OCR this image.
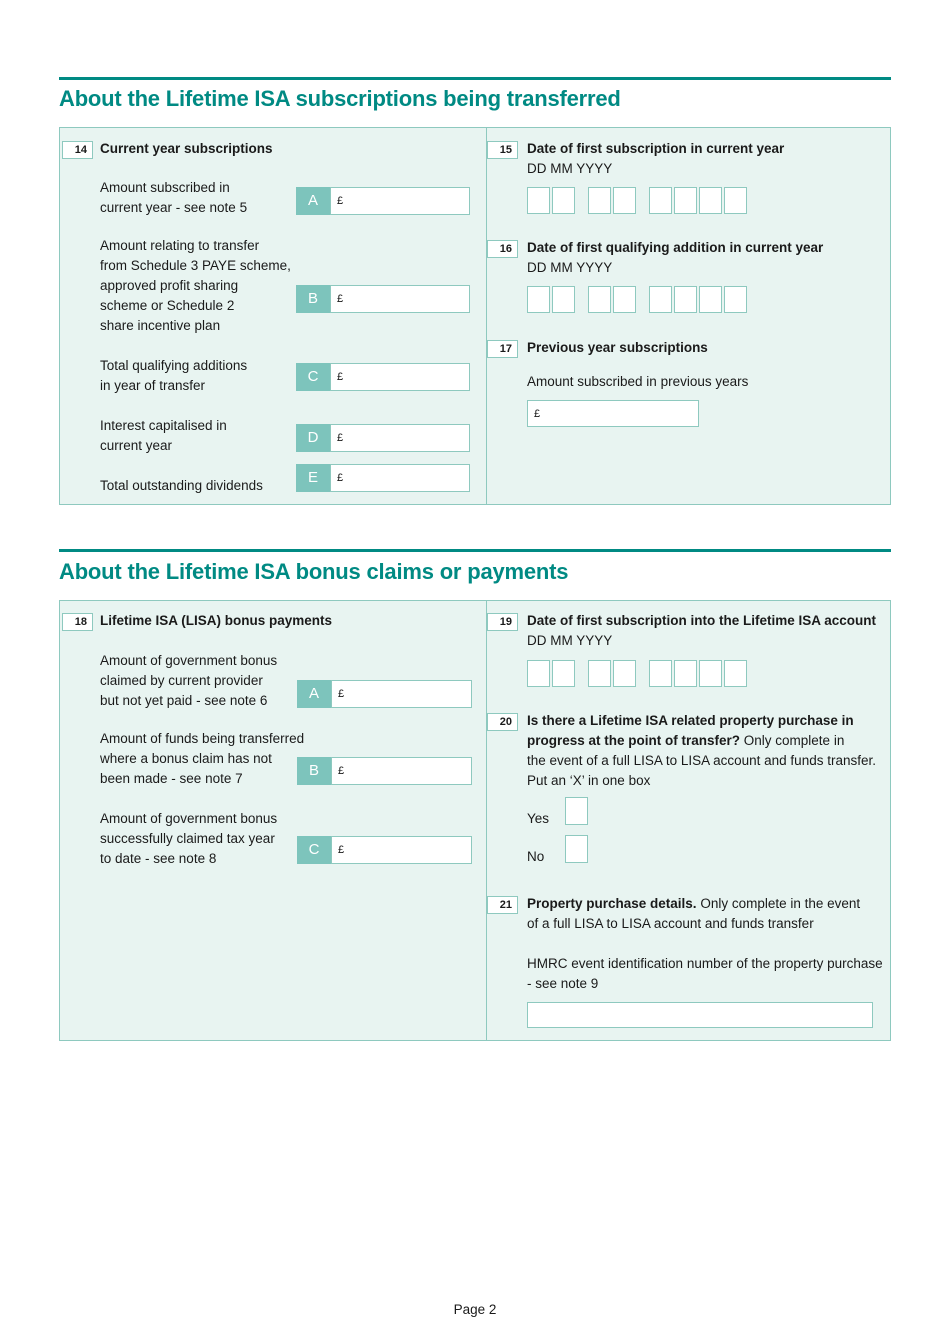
About the Lifetime ISA subscriptions being transferred
14 Current year subscriptions
Amount subscribed in
current year - see note 5	A	£
Amount relating to transfer
from Schedule 3 PAYE scheme,
approved profit sharing
scheme or Schedule 2
share incentive plan
B	£
Total qualifying additions
in year of transfer
C	£
Interest capitalised in
current year	D	£
Total outstanding dividends	E	£
15	Date of first subscription in current year
DD MM YYYY
16	Date of first qualifying addition in current year
DD MM YYYY
17	Previous year subscriptions
Amount subscribed in previous years
£
About the Lifetime ISA bonus claims or payments
18 Lifetime ISA (LISA) bonus payments
Amount of government bonus
claimed by current provider
but not yet paid - see note 6	A	£
Amount of funds being transferred
where a bonus claim has not
been made - see note 7	B	£
Amount of government bonus
successfully claimed tax year
to date - see note 8
C	£
19	Date of first subscription into the Lifetime ISA account
DD MM YYYY
20	Is there a Lifetime ISA related property purchase in
progress at the point of transfer? Only complete in
the event of a full LISA to LISA account and funds transfer.
Put an ‘X’ in one box
Yes
No
21	Property purchase details. Only complete in the event
of a full LISA to LISA account and funds transfer
HMRC event identification number of the property purchase
- see note 9
Page 2
